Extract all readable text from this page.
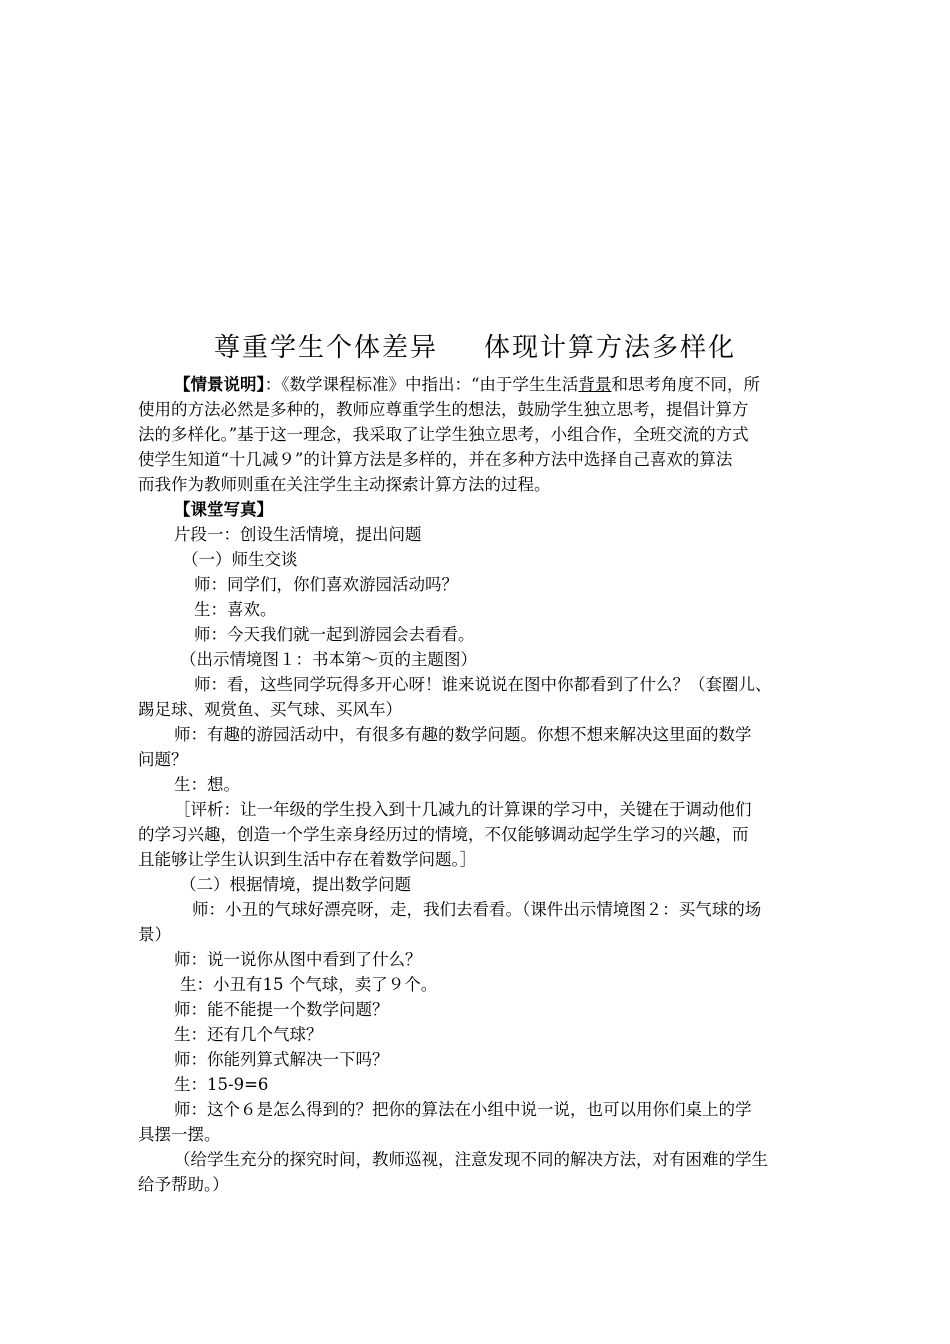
尊重学生个体差异 体现计算方法多样化

【情景说明】：《数学课程标准》中指出：“由于学生生活背景和思考角度不同，所

使用的方法必然是多种的，教师应尊重学生的想法，鼓励学生独立思考，提倡计算方

法的多样化。”基于这一理念，我采取了让学生独立思考，小组合作，全班交流的方式

使学生知道“十几减９”的计算方法是多样的，并在多种方法中选择自己喜欢的算法

而我作为教师则重在关注学生主动探索计算方法的过程。

【课堂写真】

片段一：创设生活情境，提出问题

（一）师生交谈

师：同学们，你们喜欢游园活动吗？

生：喜欢。

师：今天我们就一起到游园会去看看。

（出示情境图１：书本第～页的主题图）

师：看，这些同学玩得多开心呀！谁来说说在图中你都看到了什么？（套圈儿、

踢足球、观赏鱼、买气球、买风车）

师：有趣的游园活动中，有很多有趣的数学问题。你想不想来解决这里面的数学

问题？

生：想。

［评析：让一年级的学生投入到十几减九的计算课的学习中，关键在于调动他们

的学习兴趣，创造一个学生亲身经历过的情境，不仅能够调动起学生学习的兴趣，而

且能够让学生认识到生活中存在着数学问题。］

（二）根据情境，提出数学问题

师：小丑的气球好漂亮呀，走，我们去看看。（课件出示情境图２：买气球的场

景）

师：说一说你从图中看到了什么？

生：小丑有15 个气球，卖了９个。

师：能不能提一个数学问题？

生：还有几个气球？

师：你能列算式解决一下吗？

生：15-9=6

师：这个６是怎么得到的？把你的算法在小组中说一说，也可以用你们桌上的学

具摆一摆。

（给学生充分的探究时间，教师巡视，注意发现不同的解决方法，对有困难的学生

给予帮助。）
